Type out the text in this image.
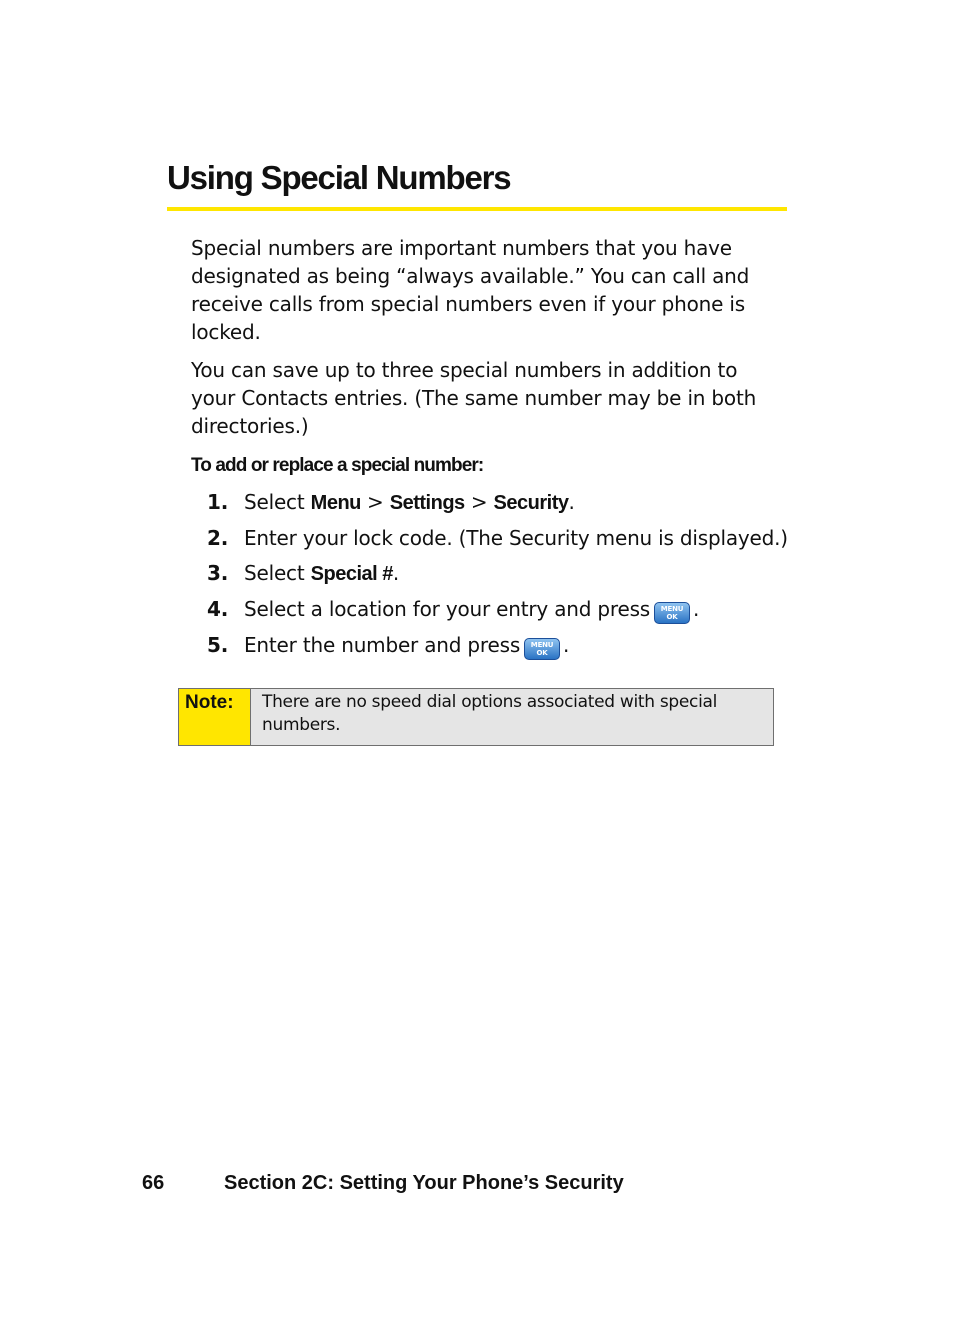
Using Special Numbers

Special numbers are important numbers that you have designated as being “always available.” You can call and receive calls from special numbers even if your phone is locked.

You can save up to three special numbers in addition to your Contacts entries. (The same number may be in both directories.)

To add or replace a special number:

1. Select Menu > Settings > Security.
2. Enter your lock code. (The Security menu is displayed.)
3. Select Special #.
4. Select a location for your entry and press	MENU
OK .
5. Enter the number and press	MENU
OK .
Note:	There are no speed dial options associated with special numbers.
66	Section 2C: Setting Your Phone’s Security
